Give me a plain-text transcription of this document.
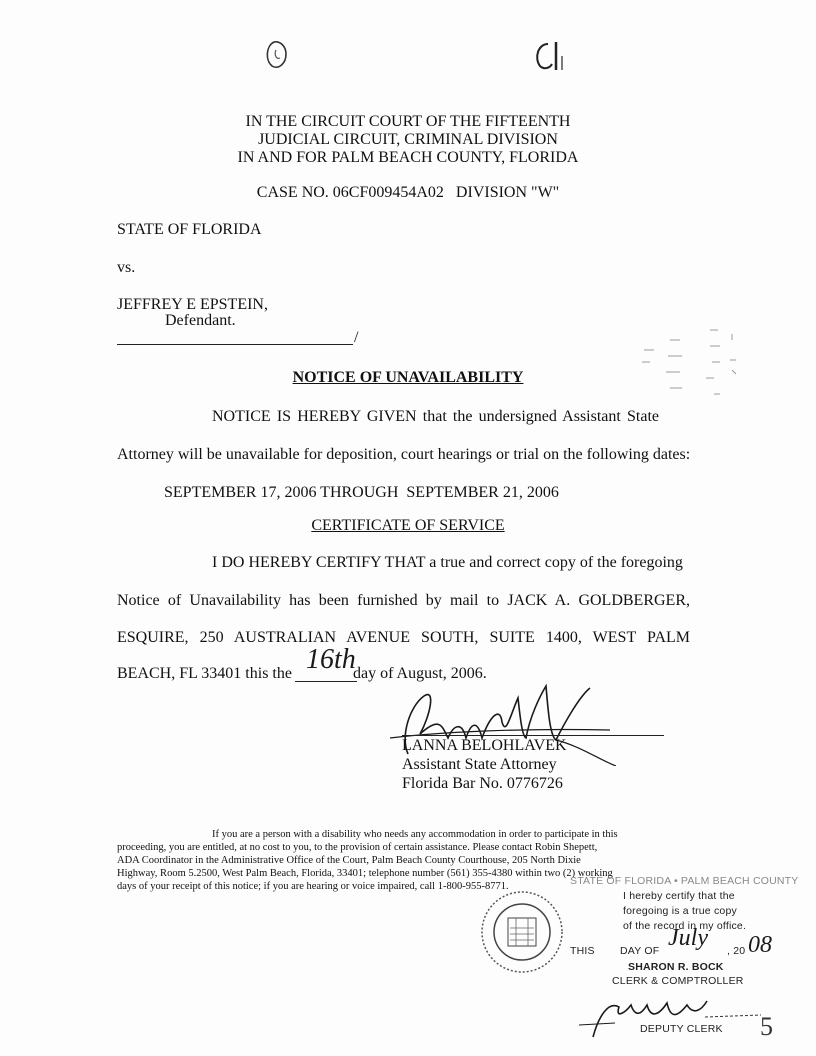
IN THE CIRCUIT COURT OF THE FIFTEENTH
JUDICIAL CIRCUIT, CRIMINAL DIVISION
IN AND FOR PALM BEACH COUNTY, FLORIDA
CASE NO. 06CF009454A02   DIVISION "W"
STATE OF FLORIDA
vs.
JEFFREY E EPSTEIN,
Defendant.
/
NOTICE OF UNAVAILABILITY
NOTICE IS HEREBY GIVEN that the undersigned Assistant State
Attorney will be unavailable for deposition, court hearings or trial on the following dates:
SEPTEMBER 17, 2006 THROUGH  SEPTEMBER 21, 2006
CERTIFICATE OF SERVICE
I DO HEREBY CERTIFY THAT a true and correct copy of the foregoing
Notice of Unavailability has been furnished by mail to JACK A. GOLDBERGER,
ESQUIRE, 250 AUSTRALIAN AVENUE SOUTH, SUITE 1400, WEST PALM
BEACH, FL 33401 this the 16th
day of August, 2006.
LANNA BELOHLAVEK
Assistant State Attorney
Florida Bar No. 0776726
If you are a person with a disability who needs any accommodation in order to participate in this
proceeding, you are entitled, at no cost to you, to the provision of certain assistance. Please contact Robin Shepett,
ADA Coordinator in the Administrative Office of the Court, Palm Beach County Courthouse, 205 North Dixie
Highway, Room 5.2500, West Palm Beach, Florida, 33401; telephone number (561) 355-4380 within two (2) working
days of your receipt of this notice; if you are hearing or voice impaired, call 1-800-955-8771.	STATE OF FLORIDA • PALM BEACH COUNTY
I hereby certify that the
foregoing is a true copy
of the record in my office.
THIS DAY OF July , 20 08
SHARON R. BOCK
CLERK & COMPTROLLER
DEPUTY CLERK 5
